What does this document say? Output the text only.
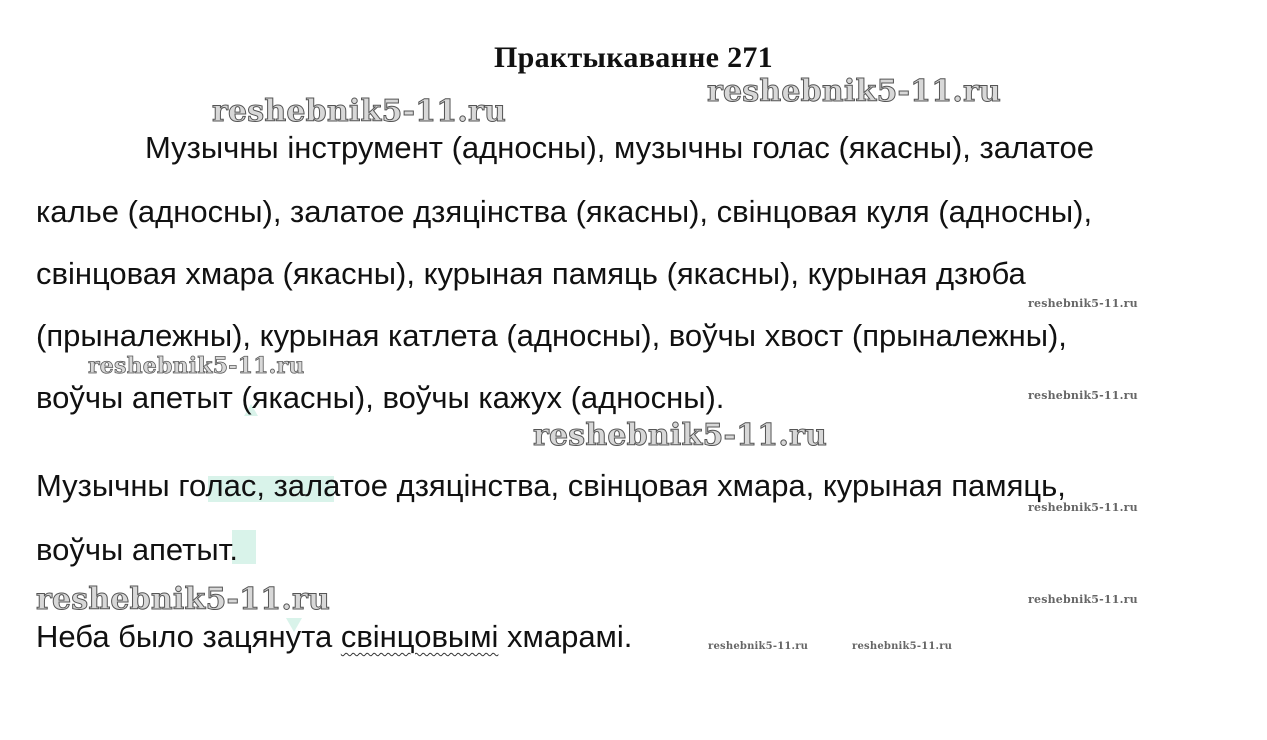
Практыкаванне 271
Музычны інструмент (адносны), музычны голас (якасны), залатое
калье (адносны), залатое дзяцінства (якасны), свінцовая куля (адносны),
свінцовая хмара (якасны), курыная памяць (якасны), курыная дзюба
(прыналежны), курыная катлета (адносны), воўчы хвост (прыналежны),
воўчы апетыт (якасны), воўчы кажух (адносны).
Музычны голас, залатое дзяцінства, свінцовая хмара, курыная памяць,
воўчы апетыт.
Неба было зацянута свінцовымі хмарамі.
reshebnik5-11.ru
reshebnik5-11.ru
reshebnik5-11.ru
reshebnik5-11.ru
reshebnik5-11.ru
reshebnik5-11.ru
reshebnik5-11.ru
reshebnik5-11.ru
reshebnik5-11.ru
reshebnik5-11.ru	reshebnik5-11.ru
